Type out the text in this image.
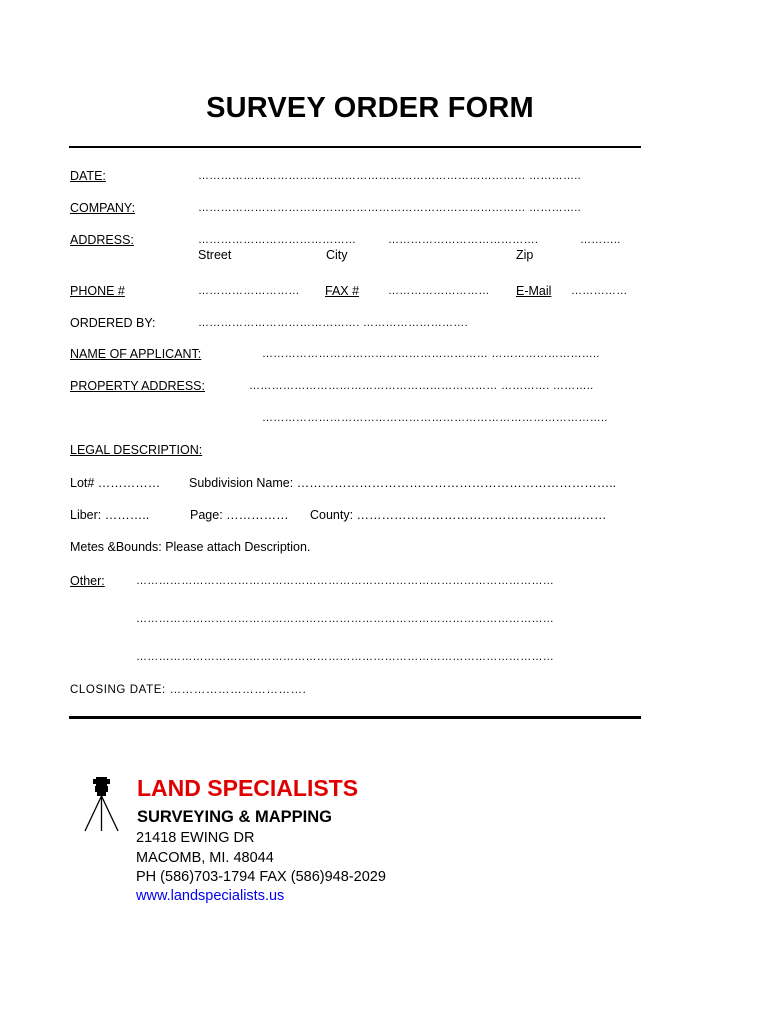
SURVEY ORDER FORM
DATE:	…………………………………………………………………………… …………..
COMPANY:	…………………………………………………………………………… …………..
ADDRESS:	……………………………………	………………………………….	………..
Street	City	Zip
PHONE #	……………………… FAX #	……………………… E-Mail ……………
ORDERED BY:	……………………………………. ……………………….
NAME OF APPLICANT:	…………………………………………………… ………………………..
PROPERTY ADDRESS:	………………………………………………………… …………. ………..
………………………………………………………………………………..
LEGAL DESCRIPTION:
Lot# …………… Subdivision Name: …………………………………………………………………..
Liber: ………..	Page: …………… County: ……………………………………………………
Metes &Bounds: Please attach Description.
Other:	…………………………………………………………………………………………………
…………………………………………………………………………………………………
…………………………………………………………………………………………………
CLOSING DATE: …………………………….
LAND SPECIALISTS
SURVEYING & MAPPING
21418 EWING DR
MACOMB, MI. 48044
PH (586)703-1794 FAX (586)948-2029
www.landspecialists.us
